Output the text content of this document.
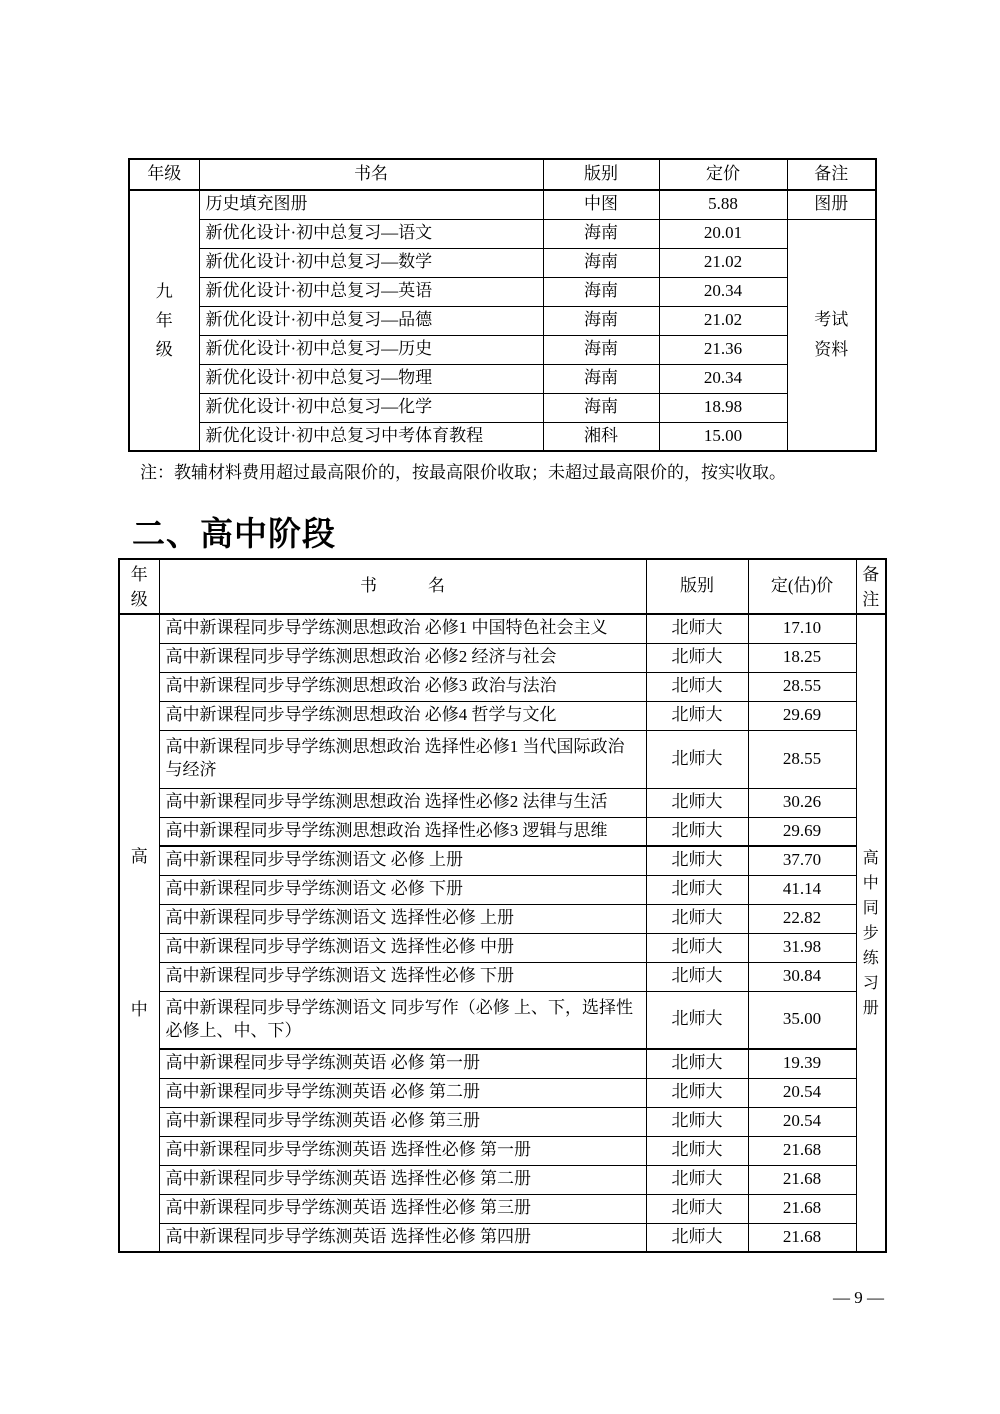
年级	书名	版别	定价	备注

九年级	历史填充图册	中图	5.88	图册
	新优化设计·初中总复习—语文	海南	20.01	考试资料

	新优化设计·初中总复习—数学	海南	21.02	
	新优化设计·初中总复习—英语	海南	20.34	
	新优化设计·初中总复习—品德	海南	21.02	
	新优化设计·初中总复习—历史	海南	21.36	
	新优化设计·初中总复习—物理	海南	20.34	
	新优化设计·初中总复习—化学	海南	18.98	
	新优化设计·初中总复习中考体育教程	湘科	15.00	
注：教辅材料费用超过最高限价的，按最高限价收取；未超过最高限价的，按实收取。
二、高中阶段
年级	书　　　名	版别	定(估)价	备注

高中	高中新课程同步导学练测思想政治 必修1 中国特色社会主义	北师大	17.10	高中同步练习册

	高中新课程同步导学练测思想政治 必修2 经济与社会	北师大	18.25	
	高中新课程同步导学练测思想政治 必修3 政治与法治	北师大	28.55	
	高中新课程同步导学练测思想政治 必修4 哲学与文化	北师大	29.69	
	高中新课程同步导学练测思想政治 选择性必修1 当代国际政治与经济	北师大	28.55	
	高中新课程同步导学练测思想政治 选择性必修2 法律与生活	北师大	30.26	
	高中新课程同步导学练测思想政治 选择性必修3 逻辑与思维	北师大	29.69	
	高中新课程同步导学练测语文 必修 上册	北师大	37.70	
	高中新课程同步导学练测语文 必修 下册	北师大	41.14	
	高中新课程同步导学练测语文 选择性必修 上册	北师大	22.82	
	高中新课程同步导学练测语文 选择性必修 中册	北师大	31.98	
	高中新课程同步导学练测语文 选择性必修 下册	北师大	30.84	
	高中新课程同步导学练测语文 同步写作（必修 上、下，选择性必修上、中、下）	北师大	35.00	
	高中新课程同步导学练测英语 必修 第一册	北师大	19.39	
	高中新课程同步导学练测英语 必修 第二册	北师大	20.54	
	高中新课程同步导学练测英语 必修 第三册	北师大	20.54	
	高中新课程同步导学练测英语 选择性必修 第一册	北师大	21.68	
	高中新课程同步导学练测英语 选择性必修 第二册	北师大	21.68	
	高中新课程同步导学练测英语 选择性必修 第三册	北师大	21.68	
	高中新课程同步导学练测英语 选择性必修 第四册	北师大	21.68	
— 9 —
